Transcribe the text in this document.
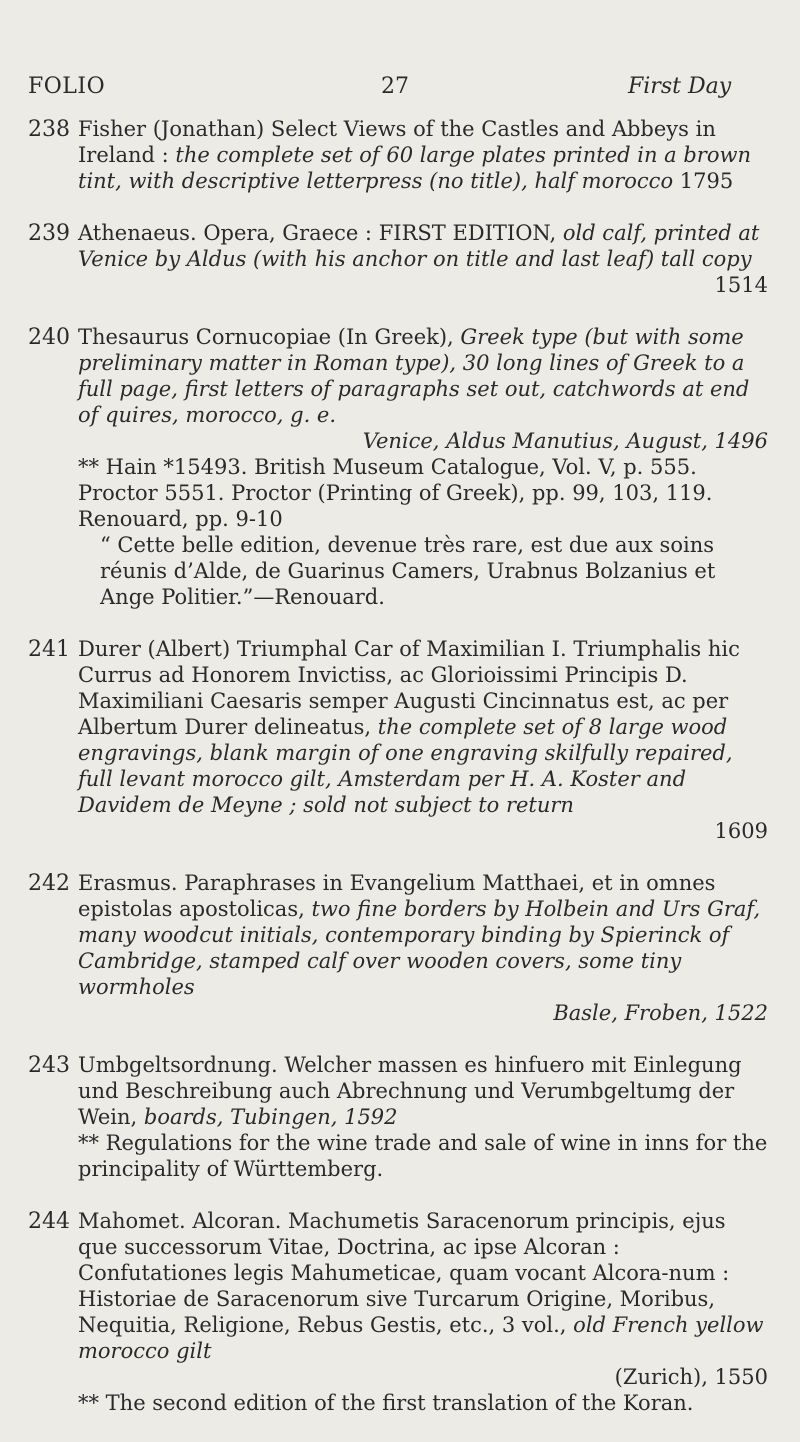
FOLIO	27	First Day
238 Fisher (Jonathan) Select Views of the Castles and Abbeys in Ireland : the complete set of 60 large plates printed in a brown tint, with descriptive letterpress (no title), half morocco 1795
239 Athenaeus. Opera, Graece : FIRST EDITION, old calf, printed at Venice by Aldus (with his anchor on title and last leaf) tall copy
1514
240 Thesaurus Cornucopiae (In Greek), Greek type (but with some preliminary matter in Roman type), 30 long lines of Greek to a full page, first letters of paragraphs set out, catchwords at end of quires, morocco, g. e.
Venice, Aldus Manutius, August, 1496
** Hain *15493. British Museum Catalogue, Vol. V, p. 555. Proctor 5551. Proctor (Printing of Greek), pp. 99, 103, 119. Renouard, pp. 9-10
“ Cette belle edition, devenue très rare, est due aux soins réunis d’Alde, de Guarinus Camers, Urabnus Bolzanius et Ange Politier.”—Renouard.
241 Durer (Albert) Triumphal Car of Maximilian I. Triumphalis hic Currus ad Honorem Invictiss, ac Glorioissimi Principis D. Maximiliani Caesaris semper Augusti Cincinnatus est, ac per Albertum Durer delineatus, the complete set of 8 large wood engravings, blank margin of one engraving skilfully repaired, full levant morocco gilt, Amsterdam per H. A. Koster and Davidem de Meyne ; sold not subject to return
1609
242 Erasmus. Paraphrases in Evangelium Matthaei, et in omnes epistolas apostolicas, two fine borders by Holbein and Urs Graf, many woodcut initials, contemporary binding by Spierinck of Cambridge, stamped calf over wooden covers, some tiny wormholes
Basle, Froben, 1522
243 Umbgeltsordnung. Welcher massen es hinfuero mit Einlegung und Beschreibung auch Abrechnung und Verumbgeltumg der Wein, boards, Tubingen, 1592
** Regulations for the wine trade and sale of wine in inns for the principality of Württemberg.
244 Mahomet. Alcoran. Machumetis Saracenorum principis, ejus que successorum Vitae, Doctrina, ac ipse Alcoran : Confutationes legis Mahumeticae, quam vocant Alcora-num : Historiae de Saracenorum sive Turcarum Origine, Moribus, Nequitia, Religione, Rebus Gestis, etc., 3 vol., old French yellow morocco gilt
(Zurich), 1550
** The second edition of the first translation of the Koran.
